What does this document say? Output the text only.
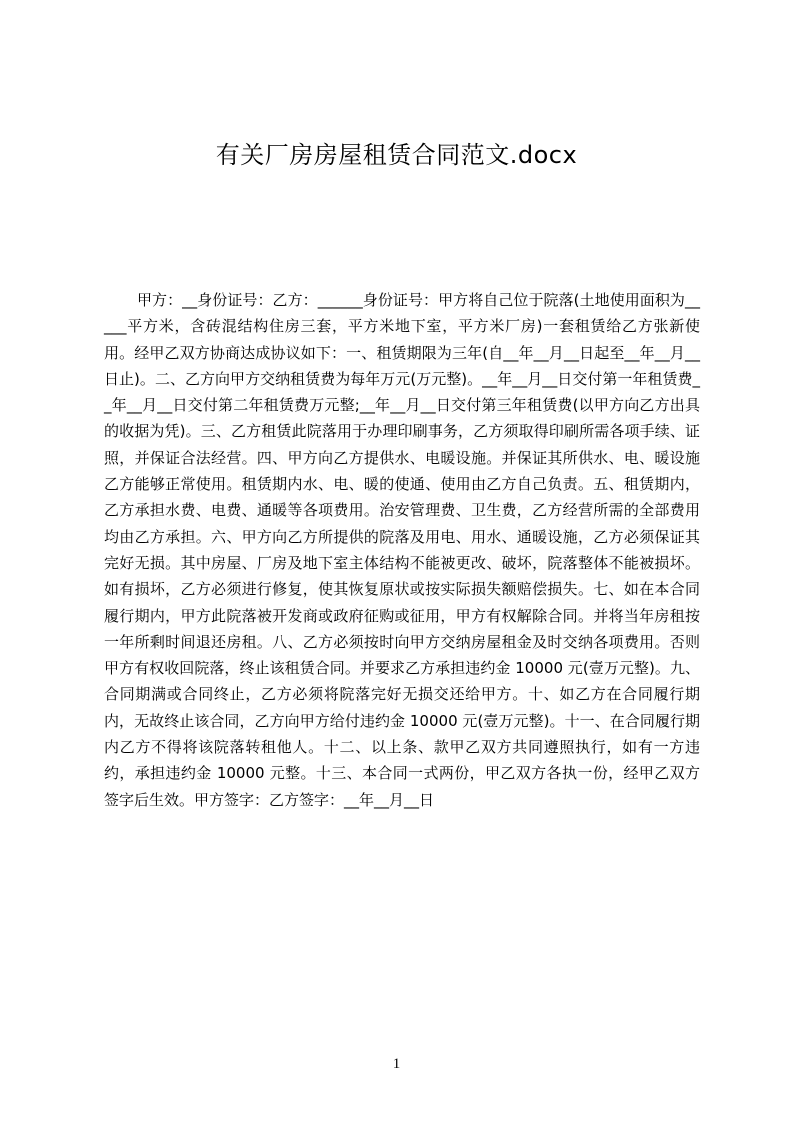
有关厂房房屋租赁合同范文.docx

甲方：__身份证号：乙方：______身份证号：甲方将自己位于院落(土地使用面积为_____平方米，含砖混结构住房三套，平方米地下室，平方米厂房)一套租赁给乙方张新使用。经甲乙双方协商达成协议如下：一、租赁期限为三年(自__年__月__日起至__年__月__日止)。二、乙方向甲方交纳租赁费为每年万元(万元整)。__年__月__日交付第一年租赁费__年__月__日交付第二年租赁费万元整;__年__月__日交付第三年租赁费(以甲方向乙方出具的收据为凭)。三、乙方租赁此院落用于办理印刷事务，乙方须取得印刷所需各项手续、证照，并保证合法经营。四、甲方向乙方提供水、电暖设施。并保证其所供水、电、暖设施乙方能够正常使用。租赁期内水、电、暖的使通、使用由乙方自己负责。五、租赁期内，乙方承担水费、电费、通暖等各项费用。治安管理费、卫生费，乙方经营所需的全部费用均由乙方承担。六、甲方向乙方所提供的院落及用电、用水、通暖设施，乙方必须保证其完好无损。其中房屋、厂房及地下室主体结构不能被更改、破坏，院落整体不能被损坏。如有损坏，乙方必须进行修复，使其恢复原状或按实际损失额赔偿损失。七、如在本合同履行期内，甲方此院落被开发商或政府征购或征用，甲方有权解除合同。并将当年房租按一年所剩时间退还房租。八、乙方必须按时向甲方交纳房屋租金及时交纳各项费用。否则甲方有权收回院落，终止该租赁合同。并要求乙方承担违约金 10000 元(壹万元整)。九、合同期满或合同终止，乙方必须将院落完好无损交还给甲方。十、如乙方在合同履行期内，无故终止该合同，乙方向甲方给付违约金 10000 元(壹万元整)。十一、在合同履行期内乙方不得将该院落转租他人。十二、以上条、款甲乙双方共同遵照执行，如有一方违约，承担违约金 10000 元整。十三、本合同一式两份，甲乙双方各执一份，经甲乙双方签字后生效。甲方签字：乙方签字：__年__月__日

1
